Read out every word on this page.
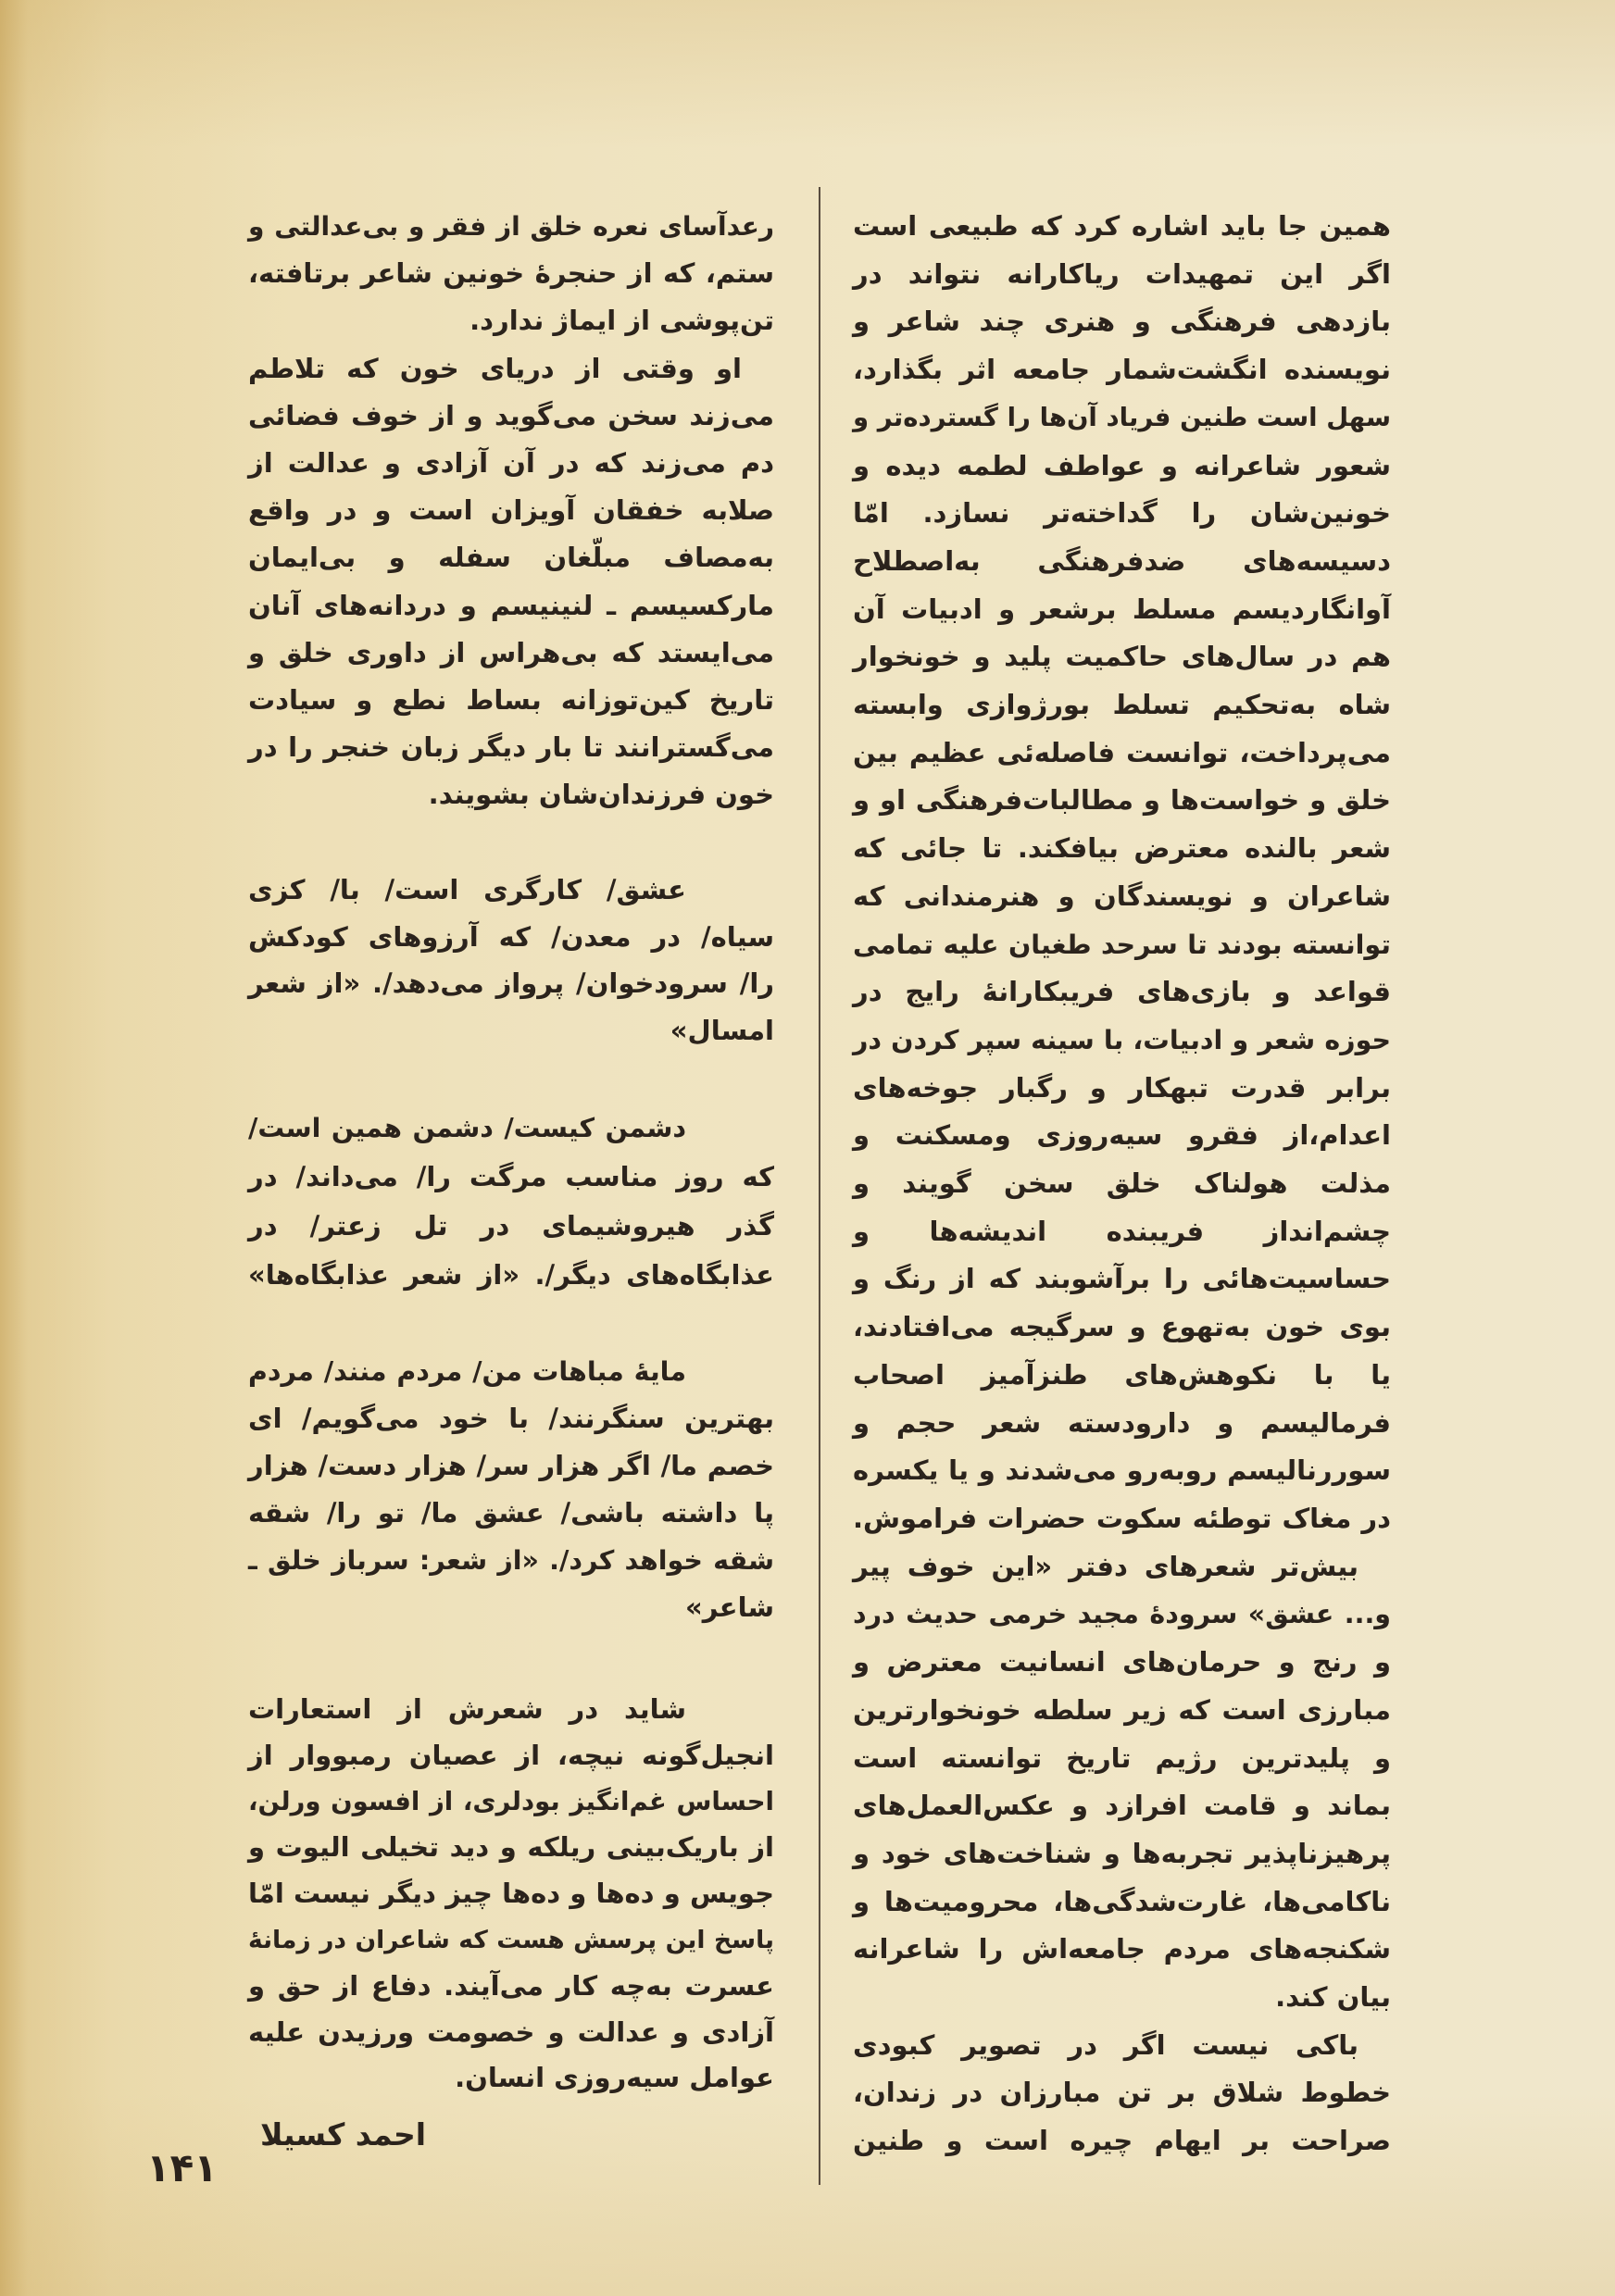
همین جا باید اشاره کرد که طبیعی است
اگر این تمهیدات ریاکارانه نتواند در
بازدهی فرهنگی و هنری چند شاعر و
نویسنده انگشت‌شمار جامعه اثر بگذارد،
سهل است طنین فریاد آن‌ها را گسترده‌تر و
شعور شاعرانه و عواطف لطمه دیده و
خونین‌شان را گداخته‌تر نسازد. امّا
دسیسه‌های ضدفرهنگی به‌اصطلاح
آوانگاردیسم مسلط برشعر و ادبیات آن
هم در سال‌های حاکمیت پلید و خونخوار
شاه به‌تحکیم تسلط بورژوازی وابسته
می‌پرداخت، توانست فاصله‌ئی عظیم بین
خلق و خواست‌ها و مطالبات‌فرهنگی او و
شعر بالنده معترض بیافکند. تا جائی که
شاعران و نویسندگان و هنرمندانی که
توانسته بودند تا سرحد طغیان علیه تمامی
قواعد و بازی‌های فریبکارانهٔ رایج در
حوزه شعر و ادبیات، با سینه سپر کردن در
برابر قدرت تبهکار و رگبار جوخه‌های
اعدام،از فقرو سیه‌روزی ومسکنت و
مذلت هولناک خلق سخن گویند و
چشم‌انداز فریبنده اندیشه‌ها و
حساسیت‌هائی را برآشوبند که از رنگ و
بوی خون به‌تهوع و سرگیجه می‌افتادند،
یا با نکوهش‌های طنزآمیز اصحاب
فرمالیسم و دارودسته شعر حجم و
سوررنالیسم روبه‌رو می‌شدند و یا یکسره
در مغاک توطئه سکوت حضرات فراموش.
بیش‌تر شعرهای دفتر «این خوف پیر
و... عشق» سرودهٔ مجید خرمی حدیث درد
و رنج و حرمان‌های انسانیت معترض و
مبارزی است که زیر سلطه خونخوارترین
و پلیدترین رژیم تاریخ توانسته است
بماند و قامت افرازد و عکس‌العمل‌های
پرهیزناپذیر تجربه‌ها و شناخت‌های خود و
ناکامی‌ها، غارت‌شدگی‌ها، محرومیت‌ها و
شکنجه‌های مردم جامعه‌اش را شاعرانه
بیان کند.
باکی نیست اگر در تصویر کبودی
خطوط شلاق بر تن مبارزان در زندان،
صراحت بر ایهام چیره است و طنین
رعدآسای نعره خلق از فقر و بی‌عدالتی و
ستم، که از حنجرهٔ خونین شاعر برتافته،
تن‌پوشی از ایماژ ندارد.
او وقتی از دریای خون که تلاطم
می‌زند سخن می‌گوید و از خوف فضائی
دم می‌زند که در آن آزادی و عدالت از
صلابه خفقان آویزان است و در واقع
به‌مصاف مبلّغان سفله و بی‌ایمان
مارکسیسم ـ لنینیسم و دردانه‌های آنان
می‌ایستد که بی‌هراس از داوری خلق و
تاریخ کین‌توزانه بساط نطع و سیادت
می‌گسترانند تا بار دیگر زبان خنجر را در
خون فرزندان‌شان بشویند.
عشق/ کارگری است/ با/ کزی
سیاه/ در معدن/ که آرزوهای کودکش
را/ سرودخوان/ پرواز می‌دهد/. «از شعر
امسال»
دشمن کیست/ دشمن همین است/
که روز مناسب مرگت را/ می‌داند/ در
گذر هیروشیمای در تل زعتر/ در
عذابگاه‌های دیگر/. «از شعر عذابگاه‌ها»
مایهٔ مباهات من/ مردم منند/ مردم
بهترین سنگرنند/ با خود می‌گویم/ ای
خصم ما/ اگر هزار سر/ هزار دست/ هزار
پا داشته باشی/ عشق ما/ تو را/ شقه
شقه خواهد کرد/. «از شعر: سرباز خلق ـ
شاعر»
شاید در شعرش از استعارات
انجیل‌گونه نیچه، از عصیان رمبووار از
احساس غم‌انگیز بودلری، از افسون ورلن،
از باریک‌بینی ریلکه و دید تخیلی الیوت و
جویس و ده‌ها و ده‌ها چیز دیگر نیست امّا
پاسخ این پرسش هست که شاعران در زمانهٔ
عسرت به‌چه کار می‌آیند. دفاع از حق و
آزادی و عدالت و خصومت ورزیدن علیه
عوامل سیه‌روزی انسان.
احمد کسیلا
۱۴۱
